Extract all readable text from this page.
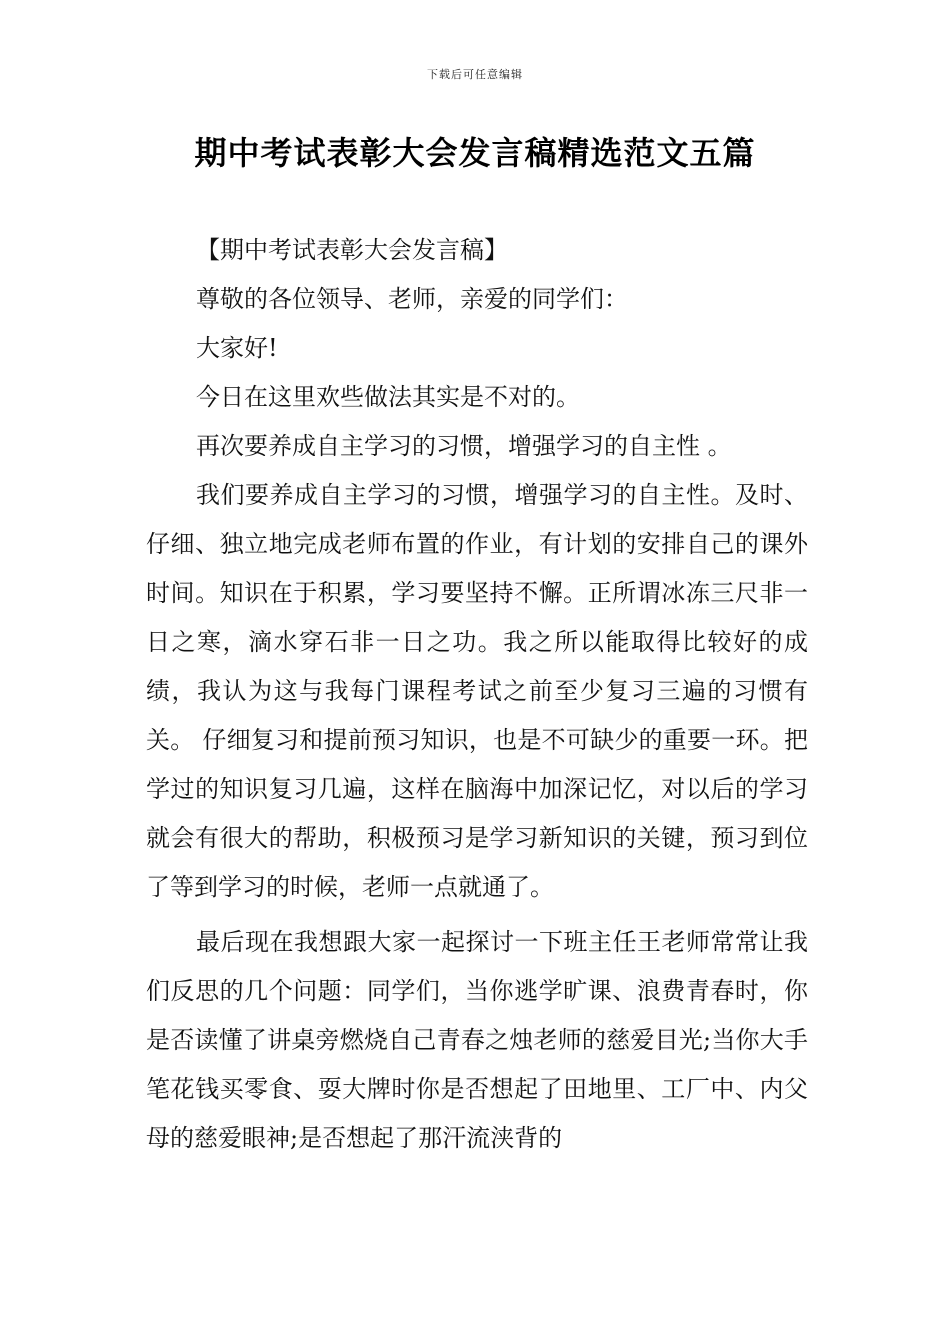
下载后可任意编辑
期中考试表彰大会发言稿精选范文五篇

【期中考试表彰大会发言稿】

尊敬的各位领导、老师，亲爱的同学们：

大家好!

今日在这里欢些做法其实是不对的。

再次要养成自主学习的习惯，增强学习的自主性 。

我们要养成自主学习的习惯，增强学习的自主性。及时、仔细、独立地完成老师布置的作业，有计划的安排自己的课外时间。知识在于积累，学习要坚持不懈。正所谓冰冻三尺非一日之寒，滴水穿石非一日之功。我之所以能取得比较好的成绩，我认为这与我每门课程考试之前至少复习三遍的习惯有关。 仔细复习和提前预习知识，也是不可缺少的重要一环。把学过的知识复习几遍，这样在脑海中加深记忆，对以后的学习就会有很大的帮助，积极预习是学习新知识的关键，预习到位了等到学习的时候，老师一点就通了。

最后现在我想跟大家一起探讨一下班主任王老师常常让我们反思的几个问题：同学们，当你逃学旷课、浪费青春时，你是否读懂了讲桌旁燃烧自己青春之烛老师的慈爱目光;当你大手笔花钱买零食、耍大牌时你是否想起了田地里、工厂中、内父母的慈爱眼神;是否想起了那汗流浃背的
